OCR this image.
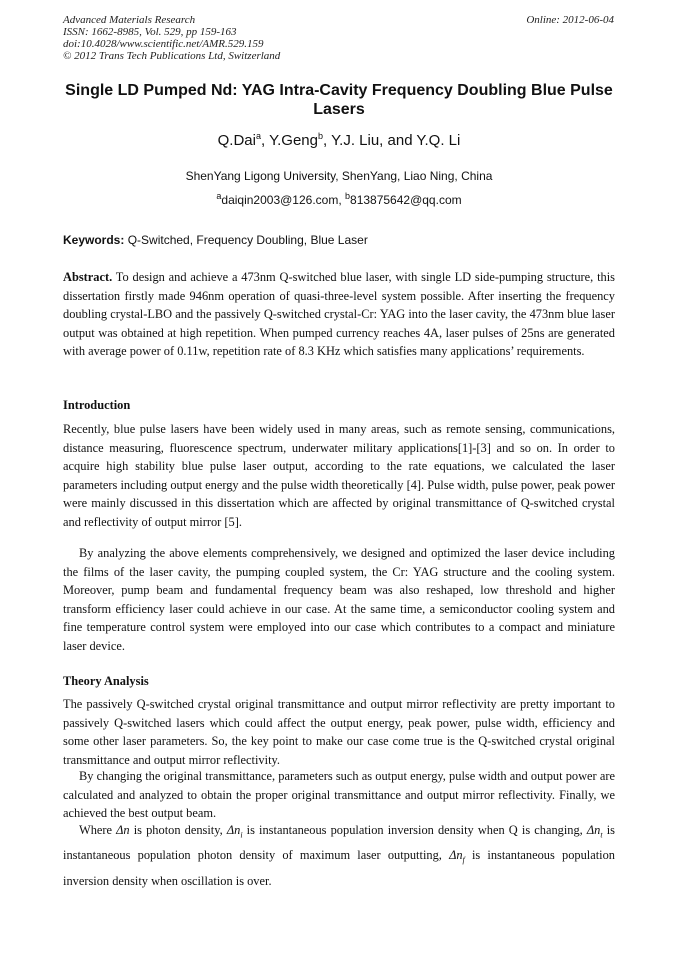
Advanced Materials Research
ISSN: 1662-8985, Vol. 529, pp 159-163
doi:10.4028/www.scientific.net/AMR.529.159
© 2012 Trans Tech Publications Ltd, Switzerland
Online: 2012-06-04
Single LD Pumped Nd: YAG Intra-Cavity Frequency Doubling Blue Pulse Lasers
Q.Dai$^a$, Y.Geng$^b$, Y.J. Liu, and Y.Q. Li
ShenYang Ligong University, ShenYang, Liao Ning, China
$^a$daiqin2003@126.com, $^b$813875642@qq.com
Keywords: Q-Switched, Frequency Doubling, Blue Laser

Abstract. To design and achieve a 473nm Q-switched blue laser, with single LD side-pumping structure, this dissertation firstly made 946nm operation of quasi-three-level system possible. After inserting the frequency doubling crystal-LBO and the passively Q-switched crystal-Cr: YAG into the laser cavity, the 473nm blue laser output was obtained at high repetition. When pumped currency reaches 4A, laser pulses of 25ns are generated with average power of 0.11w, repetition rate of 8.3 KHz which satisfies many applications’ requirements.

Introduction

Recently, blue pulse lasers have been widely used in many areas, such as remote sensing, communications, distance measuring, fluorescence spectrum, underwater military applications[1]-[3] and so on. In order to acquire high stability blue pulse laser output, according to the rate equations, we calculated the laser parameters including output energy and the pulse width theoretically [4]. Pulse width, pulse power, peak power were mainly discussed in this dissertation which are affected by original transmittance of Q-switched crystal and reflectivity of output mirror [5].

By analyzing the above elements comprehensively, we designed and optimized the laser device including the films of the laser cavity, the pumping coupled system, the Cr: YAG structure and the cooling system. Moreover, pump beam and fundamental frequency beam was also reshaped, low threshold and higher transform efficiency laser could achieve in our case. At the same time, a semiconductor cooling system and fine temperature control system were employed into our case which contributes to a compact and miniature laser device.

Theory Analysis

The passively Q-switched crystal original transmittance and output mirror reflectivity are pretty important to passively Q-switched lasers which could affect the output energy, peak power, pulse width, efficiency and some other laser parameters. So, the key point to make our case come true is the Q-switched crystal original transmittance and output mirror reflectivity.

By changing the original transmittance, parameters such as output energy, pulse width and output power are calculated and analyzed to obtain the proper original transmittance and output mirror reflectivity. Finally, we achieved the best output beam.

Where Δn is photon density, $\Delta n_i$ is instantaneous population inversion density when Q is changing, $\Delta n_t$ is instantaneous population photon density of maximum laser outputting, $\Delta n_f$ is instantaneous population inversion density when oscillation is over.
